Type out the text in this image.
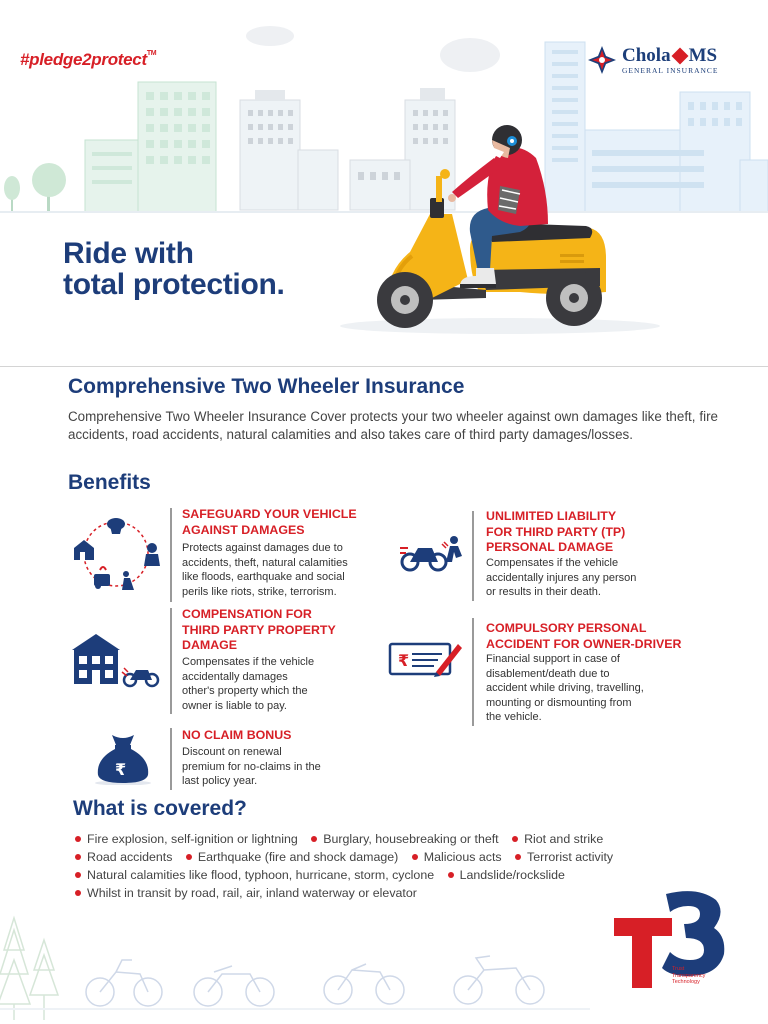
#pledge2protect™	Chola MS
GENERAL INSURANCE
Ride with
total protection.
Comprehensive Two Wheeler Insurance
Comprehensive Two Wheeler Insurance Cover protects your two wheeler against own damages like theft, fire accidents, road accidents, natural calamities and also takes care of third party damages/losses.
Benefits
SAFEGUARD YOUR VEHICLE
AGAINST DAMAGES
Protects against damages due to
accidents, theft, natural calamities
like floods, earthquake and social
perils like riots, strike, terrorism.
UNLIMITED LIABILITY
FOR THIRD PARTY (TP)
PERSONAL DAMAGE
Compensates if the vehicle
accidentally injures any person
or results in their death.
COMPENSATION FOR
THIRD PARTY PROPERTY
DAMAGE
Compensates if the vehicle
accidentally damages
other's property which the
owner is liable to pay.
₹
COMPULSORY PERSONAL
ACCIDENT FOR OWNER-DRIVER
Financial support in case of
disablement/death due to
accident while driving, travelling,
mounting or dismounting from
the vehicle.
₹
NO CLAIM BONUS
Discount on renewal
premium for no-claims in the
last policy year.
What is covered?
Fire explosion, self-ignition or lightning Burglary, housebreaking or theft Riot and strike
Road accidents Earthquake (fire and shock damage) Malicious acts Terrorist activity
Natural calamities like flood, typhoon, hurricane, storm, cyclone Landslide/rockslide
Whilst in transit by road, rail, air, inland waterway or elevator
Trust
Transparency
Technology
